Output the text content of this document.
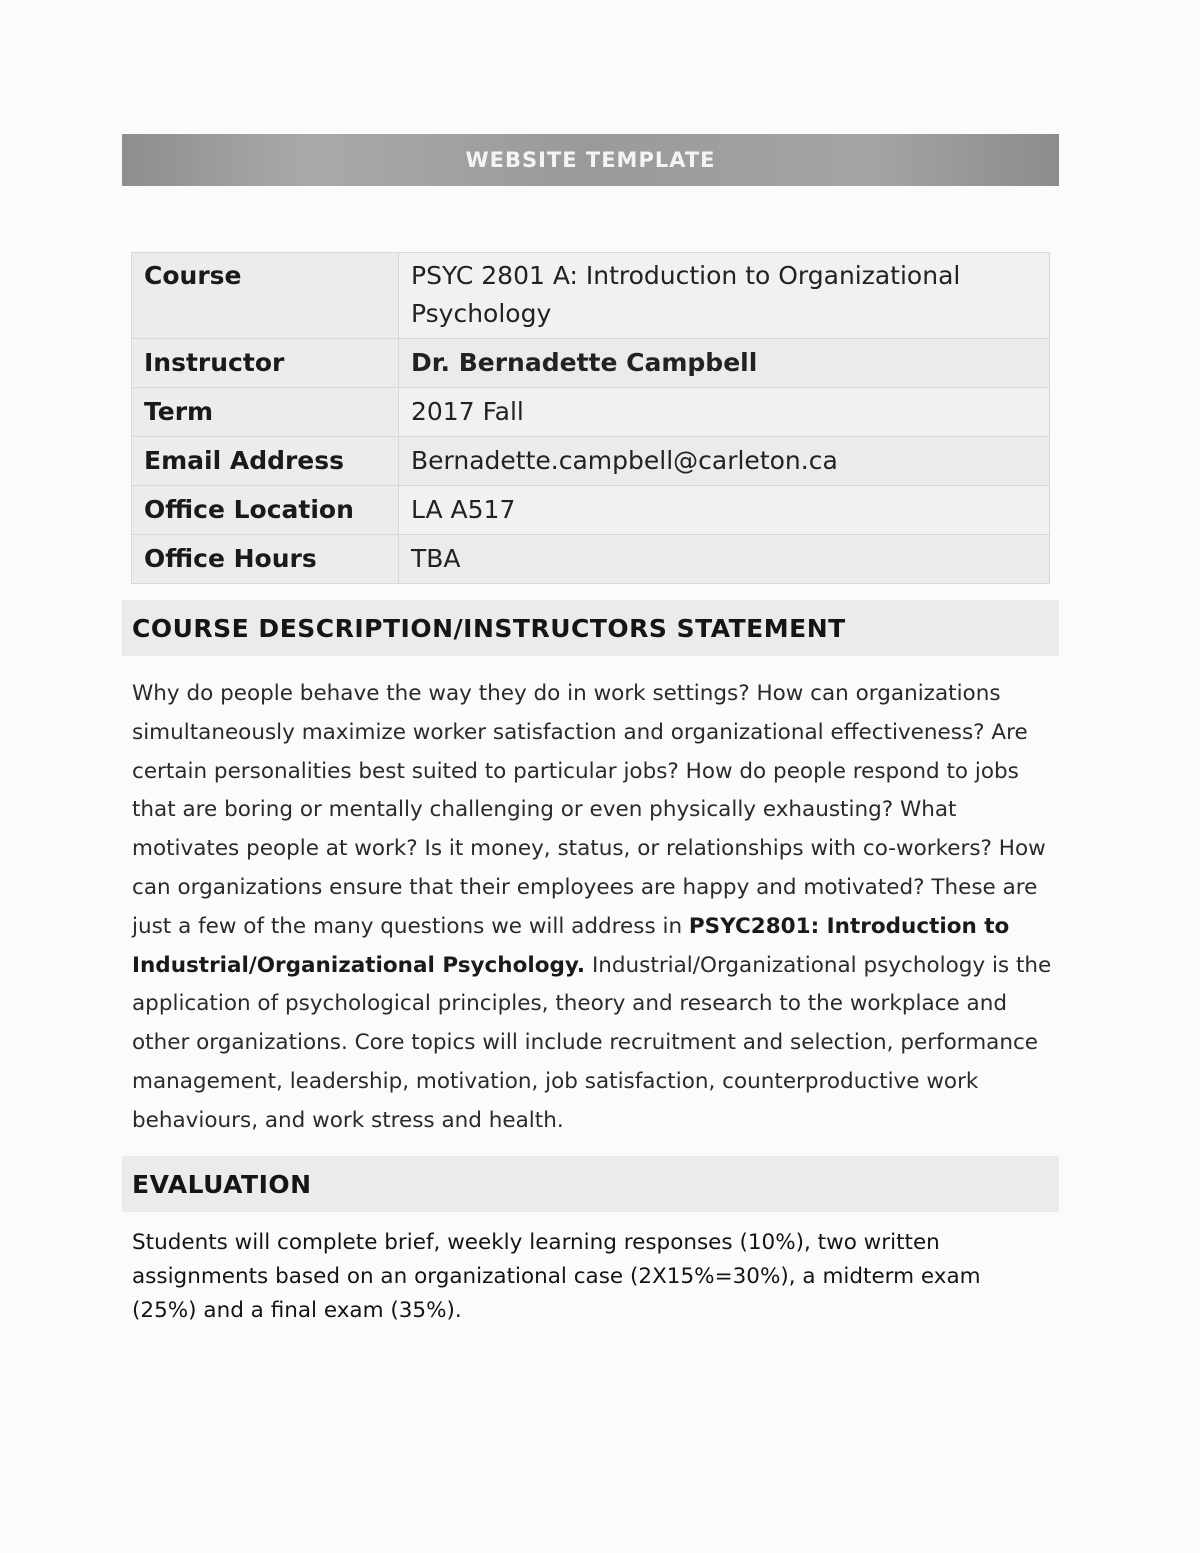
WEBSITE TEMPLATE
Course	PSYC 2801 A: Introduction to Organizational Psychology
Instructor	Dr. Bernadette Campbell
Term	2017 Fall
Email Address	Bernadette.campbell@carleton.ca
Office Location	LA A517
Office Hours	TBA
COURSE DESCRIPTION/INSTRUCTORS STATEMENT
Why do people behave the way they do in work settings? How can organizations simultaneously maximize worker satisfaction and organizational effectiveness? Are certain personalities best suited to particular jobs? How do people respond to jobs that are boring or mentally challenging or even physically exhausting? What motivates people at work? Is it money, status, or relationships with co-workers? How can organizations ensure that their employees are happy and motivated? These are just a few of the many questions we will address in PSYC2801: Introduction to Industrial/Organizational Psychology. Industrial/Organizational psychology is the application of psychological principles, theory and research to the workplace and other organizations. Core topics will include recruitment and selection, performance management, leadership, motivation, job satisfaction, counterproductive work behaviours, and work stress and health.
EVALUATION
Students will complete brief, weekly learning responses (10%), two written assignments based on an organizational case (2X15%=30%), a midterm exam (25%) and a final exam (35%).
